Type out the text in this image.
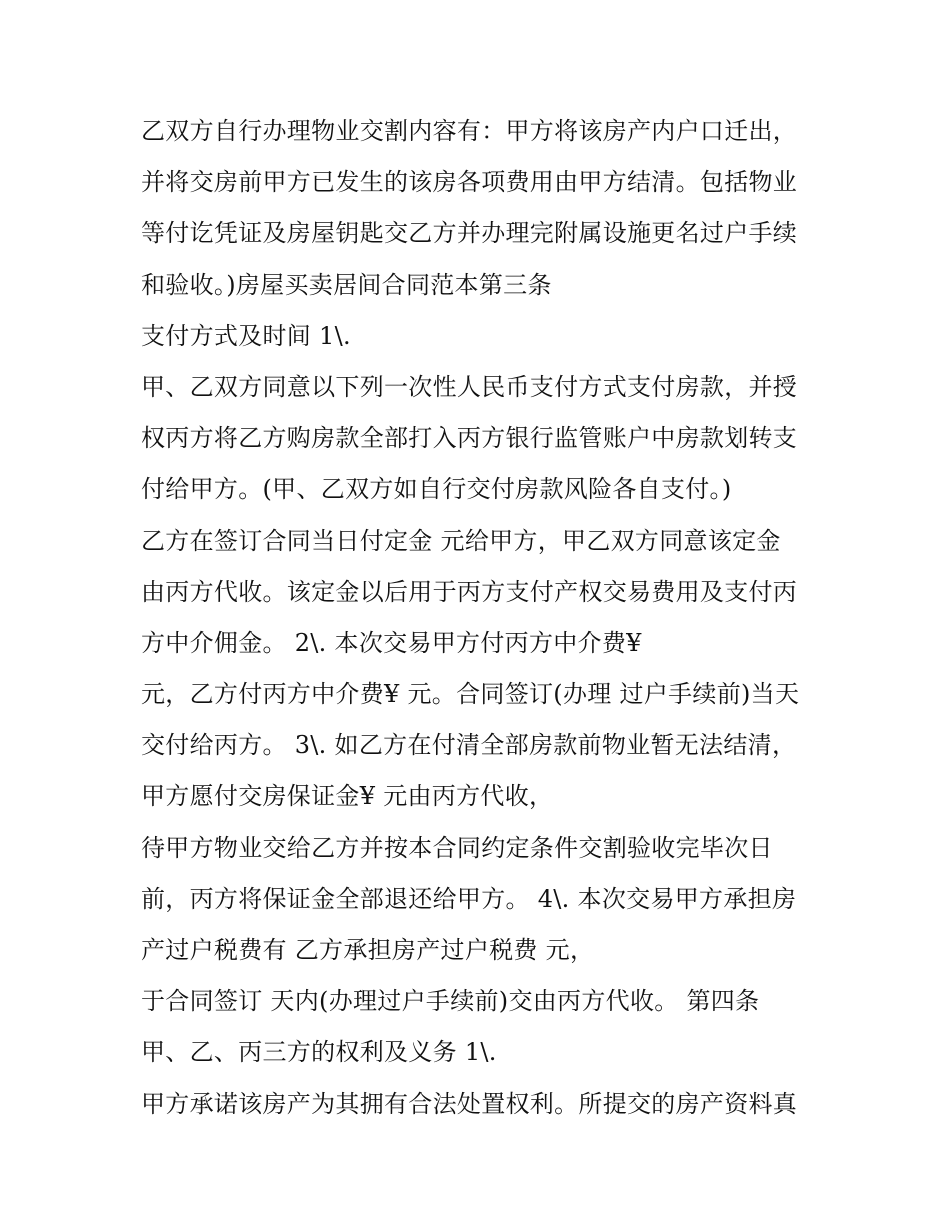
乙双方自行办理物业交割内容有：甲方将该房产内户口迁出，
并将交房前甲方已发生的该房各项费用由甲方结清。包括物业
等付讫凭证及房屋钥匙交乙方并办理完附属设施更名过户手续
和验收。)房屋买卖居间合同范本第三条
支付方式及时间 1\.
甲、乙双方同意以下列一次性人民币支付方式支付房款，并授
权丙方将乙方购房款全部打入丙方银行监管账户中房款划转支
付给甲方。(甲、乙双方如自行交付房款风险各自支付。)
乙方在签订合同当日付定金 元给甲方，甲乙双方同意该定金
由丙方代收。该定金以后用于丙方支付产权交易费用及支付丙
方中介佣金。 2\. 本次交易甲方付丙方中介费¥
元，乙方付丙方中介费¥ 元。合同签订(办理 过户手续前)当天
交付给丙方。 3\. 如乙方在付清全部房款前物业暂无法结清，
甲方愿付交房保证金¥ 元由丙方代收，
待甲方物业交给乙方并按本合同约定条件交割验收完毕次日
前，丙方将保证金全部退还给甲方。 4\. 本次交易甲方承担房
产过户税费有 乙方承担房产过户税费 元，
于合同签订 天内(办理过户手续前)交由丙方代收。 第四条
甲、乙、丙三方的权利及义务 1\.
甲方承诺该房产为其拥有合法处置权利。所提交的房产资料真
